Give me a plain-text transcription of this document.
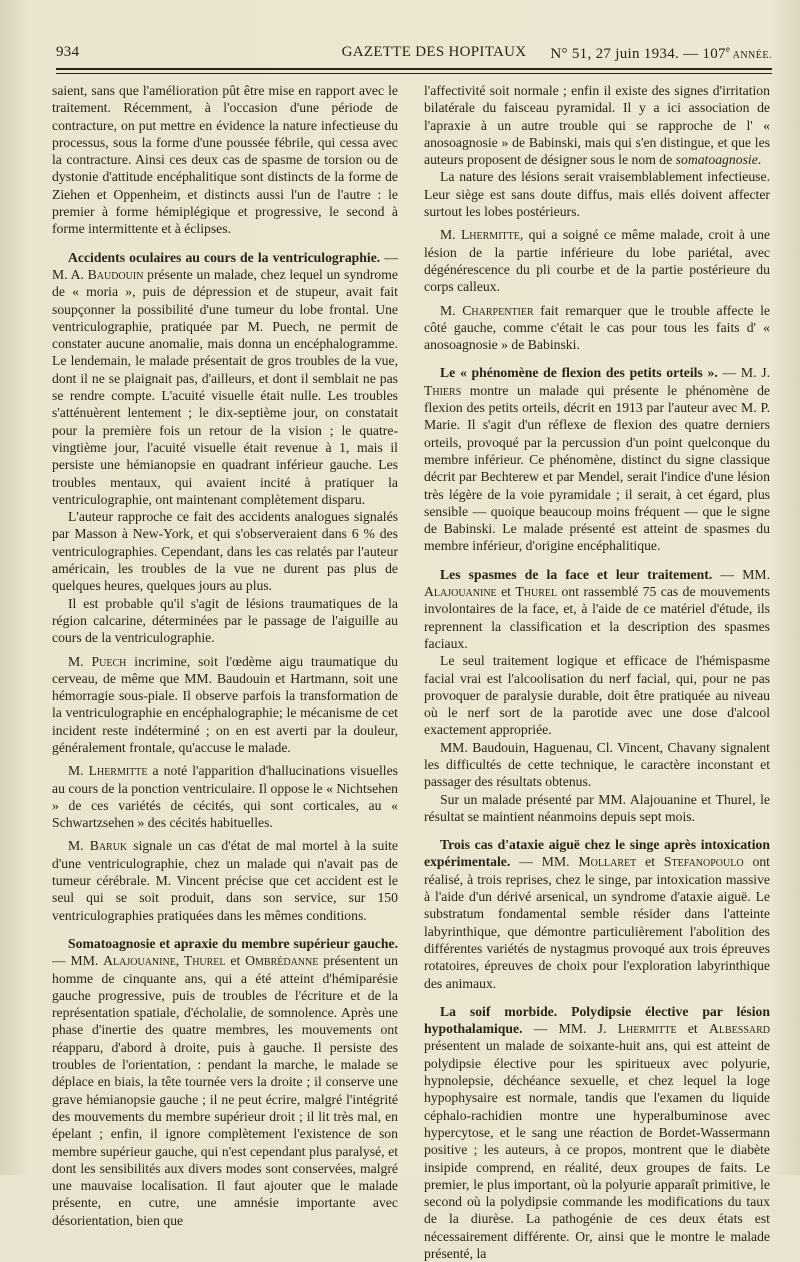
934	GAZETTE DES HOPITAUX	N° 51, 27 juin 1934. — 107e ANNÉE.

saient, sans que l'amélioration pût être mise en rapport avec le traitement. Récemment, à l'occasion d'une période de contracture, on put mettre en évidence la nature infectieuse du processus, sous la forme d'une poussée fébrile, qui cessa avec la contracture. Ainsi ces deux cas de spasme de torsion ou de dystonie d'attitude encéphalitique sont distincts de la forme de Ziehen et Oppenheim, et distincts aussi l'un de l'autre : le premier à forme hémiplégique et progressive, le second à forme intermittente et à éclipses.

Accidents oculaires au cours de la ventriculographie. — M. A. Baudouin présente un malade, chez lequel un syndrome de « moria », puis de dépression et de stupeur, avait fait soupçonner la possibilité d'une tumeur du lobe frontal. Une ventriculographie, pratiquée par M. Puech, ne permit de constater aucune anomalie, mais donna un encéphalogramme. Le lendemain, le malade présentait de gros troubles de la vue, dont il ne se plaignait pas, d'ailleurs, et dont il semblait ne pas se rendre compte. L'acuité visuelle était nulle. Les troubles s'atténuèrent lentement ; le dix-septième jour, on constatait pour la première fois un retour de la vision ; le quatre-vingtième jour, l'acuité visuelle était revenue à 1, mais il persiste une hémianopsie en quadrant inférieur gauche. Les troubles mentaux, qui avaient incité à pratiquer la ventriculographie, ont maintenant complètement disparu.

L'auteur rapproche ce fait des accidents analogues signalés par Masson à New-York, et qui s'observeraient dans 6 % des ventriculographies. Cependant, dans les cas relatés par l'auteur américain, les troubles de la vue ne durent pas plus de quelques heures, quelques jours au plus.

Il est probable qu'il s'agit de lésions traumatiques de la région calcarine, déterminées par le passage de l'aiguille au cours de la ventriculographie.

M. Puech incrimine, soit l'œdème aigu traumatique du cerveau, de même que MM. Baudouin et Hartmann, soit une hémorragie sous-piale. Il observe parfois la transformation de la ventriculographie en encéphalographie; le mécanisme de cet incident reste indéterminé ; on en est averti par la douleur, généralement frontale, qu'accuse le malade.

M. Lhermitte a noté l'apparition d'hallucinations visuelles au cours de la ponction ventriculaire. Il oppose le « Nichtsehen » de ces variétés de cécités, qui sont corticales, au « Schwartzsehen » des cécités habituelles.

M. Baruk signale un cas d'état de mal mortel à la suite d'une ventriculographie, chez un malade qui n'avait pas de tumeur cérébrale. M. Vincent précise que cet accident est le seul qui se soit produit, dans son service, sur 150 ventriculographies pratiquées dans les mêmes conditions.

Somatoagnosie et apraxie du membre supérieur gauche. — MM. Alajouanine, Thurel et Ombrédanne présentent un homme de cinquante ans, qui a été atteint d'hémiparésie gauche progressive, puis de troubles de l'écriture et de la représentation spatiale, d'écholalie, de somnolence. Après une phase d'inertie des quatre membres, les mouvements ont réapparu, d'abord à droite, puis à gauche. Il persiste des troubles de l'orientation, : pendant la marche, le malade se déplace en biais, la tête tournée vers la droite ; il conserve une grave hémianopsie gauche ; il ne peut écrire, malgré l'intégrité des mouvements du membre supérieur droit ; il lit très mal, en épelant ; enfin, il ignore complètement l'existence de son membre supérieur gauche, qui n'est cependant plus paralysé, et dont les sensibilités aux divers modes sont conservées, malgré une mauvaise localisation. Il faut ajouter que le malade présente, en cutre, une amnésie importante avec désorientation, bien que

l'affectivité soit normale ; enfin il existe des signes d'irritation bilatérale du faisceau pyramidal. Il y a ici association de l'apraxie à un autre trouble qui se rapproche de l' « anosoagnosie » de Babinski, mais qui s'en distingue, et que les auteurs proposent de désigner sous le nom de somatoagnosie.

La nature des lésions serait vraisemblablement infectieuse. Leur siège est sans doute diffus, mais ellés doivent affecter surtout les lobes postérieurs.

M. Lhermitte, qui a soigné ce même malade, croit à une lésion de la partie inférieure du lobe pariétal, avec dégénérescence du pli courbe et de la partie postérieure du corps calleux.

M. Charpentier fait remarquer que le trouble affecte le côté gauche, comme c'était le cas pour tous les faits d' « anosoagnosie » de Babinski.

Le « phénomène de flexion des petits orteils ». — M. J. Thiers montre un malade qui présente le phénomène de flexion des petits orteils, décrit en 1913 par l'auteur avec M. P. Marie. Il s'agit d'un réflexe de flexion des quatre derniers orteils, provoqué par la percussion d'un point quelconque du membre inférieur. Ce phénomène, distinct du signe classique décrit par Bechterew et par Mendel, serait l'indice d'une lésion très légère de la voie pyramidale ; il serait, à cet égard, plus sensible — quoique beaucoup moins fréquent — que le signe de Babinski. Le malade présenté est atteint de spasmes du membre inférieur, d'origine encéphalitique.

Les spasmes de la face et leur traitement. — MM. Alajouanine et Thurel ont rassemblé 75 cas de mouvements involontaires de la face, et, à l'aide de ce matériel d'étude, ils reprennent la classification et la description des spasmes faciaux.

Le seul traitement logique et efficace de l'hémispasme facial vrai est l'alcoolisation du nerf facial, qui, pour ne pas provoquer de paralysie durable, doit être pratiquée au niveau où le nerf sort de la parotide avec une dose d'alcool exactement appropriée.

MM. Baudouin, Haguenau, Cl. Vincent, Chavany signalent les difficultés de cette technique, le caractère inconstant et passager des résultats obtenus.

Sur un malade présenté par MM. Alajouanine et Thurel, le résultat se maintient néanmoins depuis sept mois.

Trois cas d'ataxie aiguë chez le singe après intoxication expérimentale. — MM. Mollaret et Stefanopoulo ont réalisé, à trois reprises, chez le singe, par intoxication massive à l'aide d'un dérivé arsenical, un syndrome d'ataxie aiguë. Le substratum fondamental semble résider dans l'atteinte labyrinthique, que démontre particulièrement l'abolition des différentes variétés de nystagmus provoqué aux trois épreuves rotatoires, épreuves de choix pour l'exploration labyrinthique des animaux.

La soif morbide. Polydipsie élective par lésion hypothalamique. — MM. J. Lhermitte et Albessard présentent un malade de soixante-huit ans, qui est atteint de polydipsie élective pour les spiritueux avec polyurie, hypnolepsie, déchéance sexuelle, et chez lequel la loge hypophysaire est normale, tandis que l'examen du liquide céphalo-rachidien montre une hyperalbuminose avec hypercytose, et le sang une réaction de Bordet-Wassermann positive ; les auteurs, à ce propos, montrent que le diabète insipide comprend, en réalité, deux groupes de faits. Le premier, le plus important, où la polyurie apparaît primitive, le second où la polydipsie commande les modifications du taux de la diurèse. La pathogénie de ces deux états est nécessairement différente. Or, ainsi que le montre le malade présenté, la
